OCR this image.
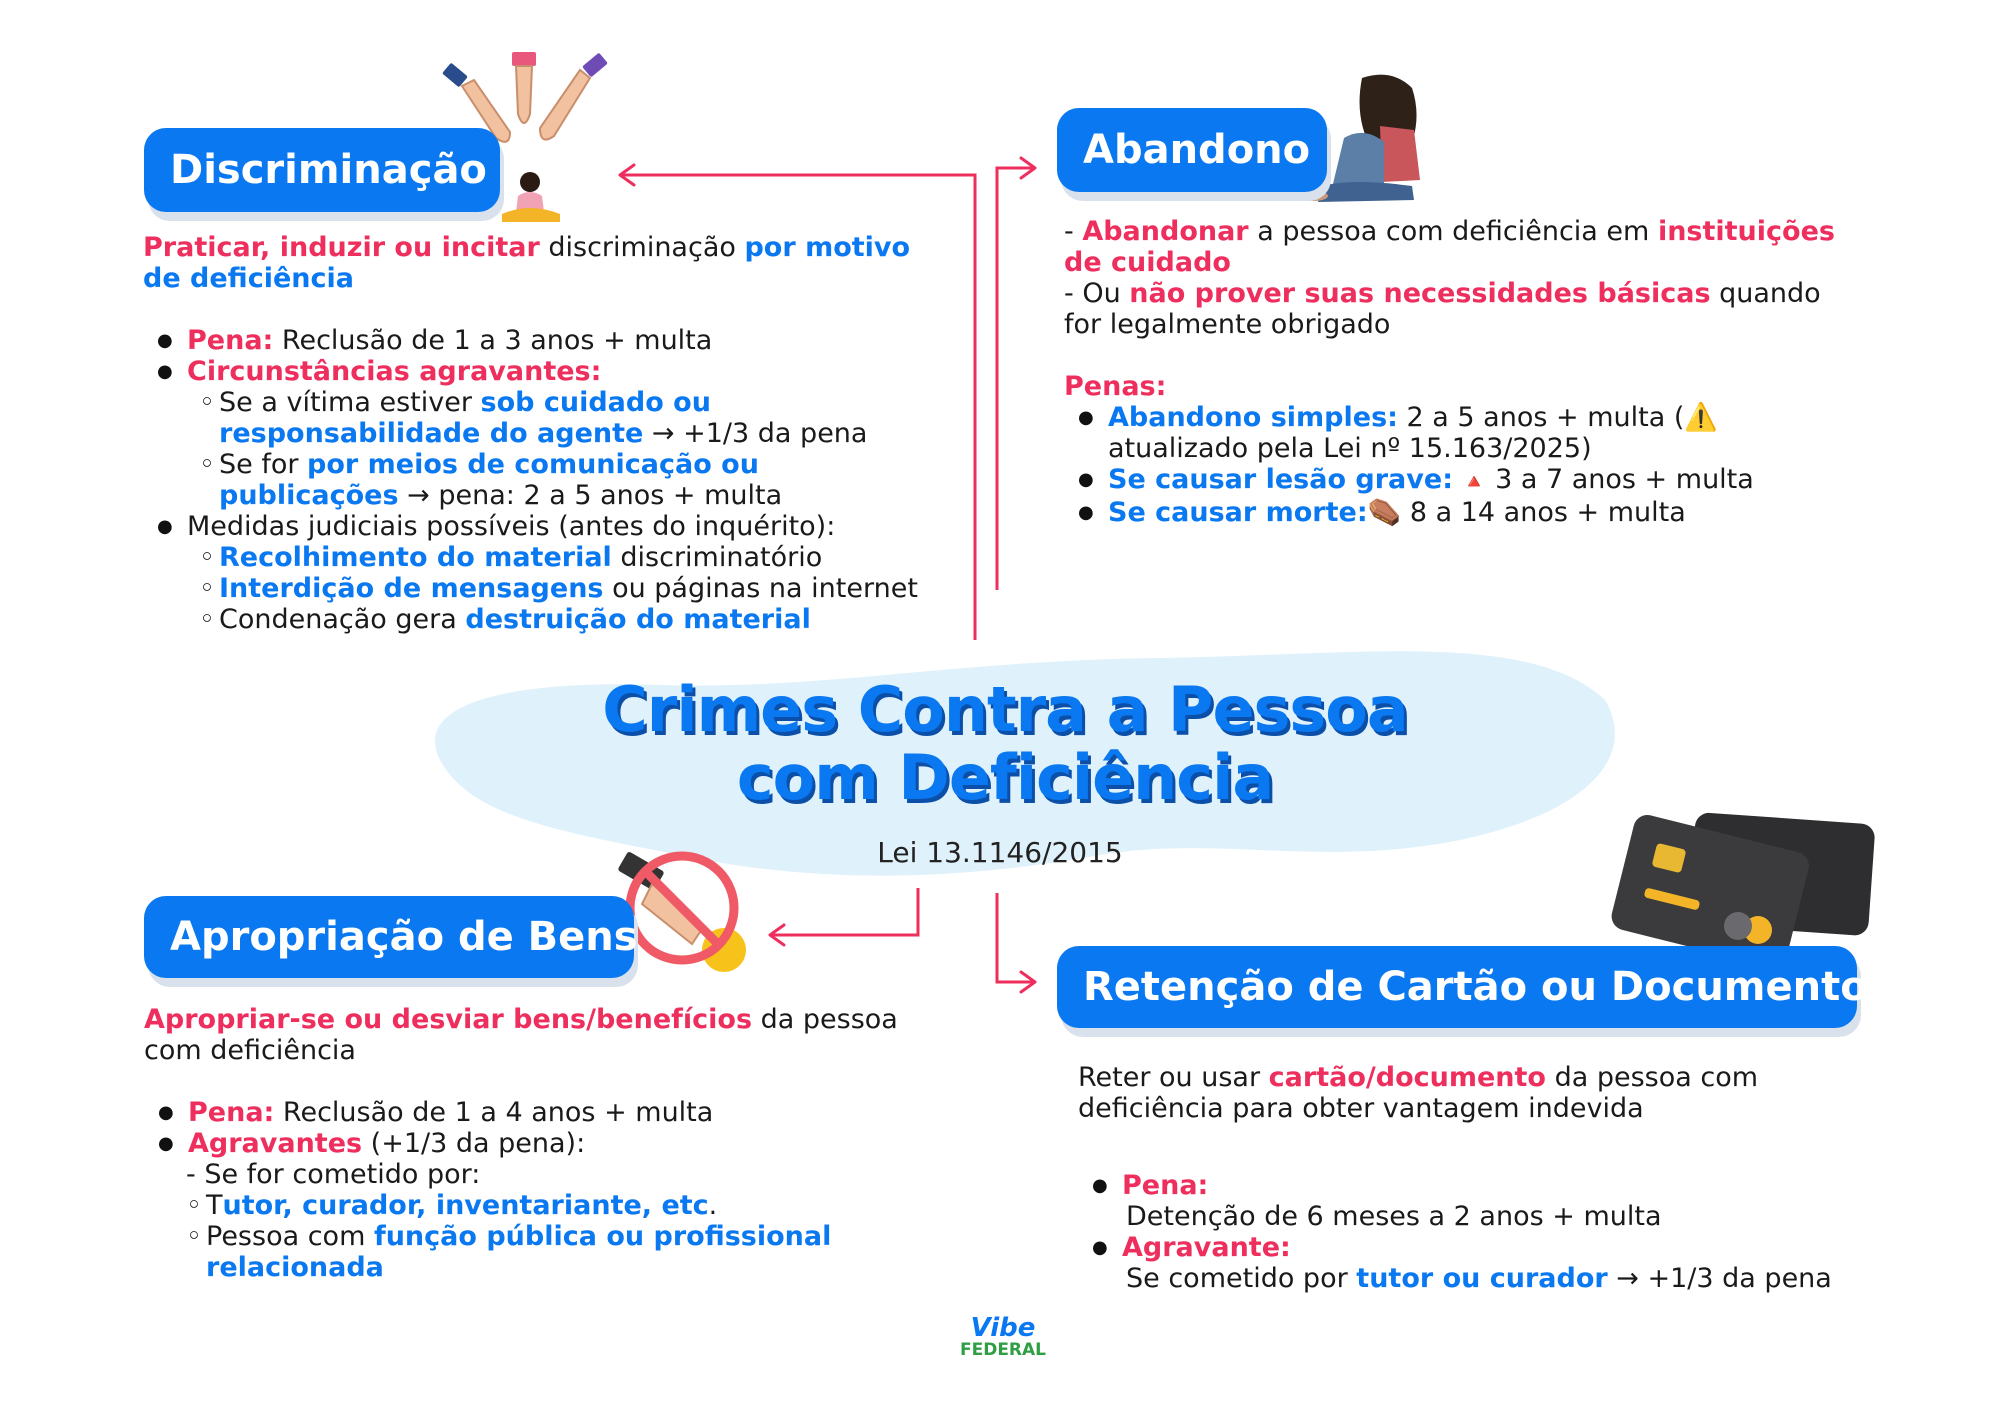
Discriminação	Abandono
Apropriação de Bens
Retenção de Cartão ou Documentos

Praticar, induzir ou incitar discriminação por motivo de deficiência

● Pena: Reclusão de 1 a 3 anos + multa
● Circunstâncias agravantes:
◦ Se a vítima estiver sob cuidado ou responsabilidade do agente → +1/3 da pena
◦ Se for por meios de comunicação ou publicações → pena: 2 a 5 anos + multa
● Medidas judiciais possíveis (antes do inquérito):
◦ Recolhimento do material discriminatório
◦ Interdição de mensagens ou páginas na internet
◦ Condenação gera destruição do material

- Abandonar a pessoa com deficiência em instituições de cuidado

- Ou não prover suas necessidades básicas quando for legalmente obrigado

Penas:

● Abandono simples: 2 a 5 anos + multa (⚠️ atualizado pela Lei nº 15.163/2025)
● Se causar lesão grave: 🔺 3 a 7 anos + multa
● Se causar morte:⚰️ 8 a 14 anos + multa
Crimes Contra a Pessoa
com Deficiência
Lei 13.1146/2015

Apropriar-se ou desviar bens/benefícios da pessoa com deficiência

● Pena: Reclusão de 1 a 4 anos + multa
● Agravantes (+1/3 da pena):
- Se for cometido por:
◦ Tutor, curador, inventariante, etc.
◦ Pessoa com função pública ou profissional relacionada

Reter ou usar cartão/documento da pessoa com deficiência para obter vantagem indevida

● Pena:
Detenção de 6 meses a 2 anos + multa
● Agravante:
Se cometido por tutor ou curador → +1/3 da pena
Vibe
FEDERAL
